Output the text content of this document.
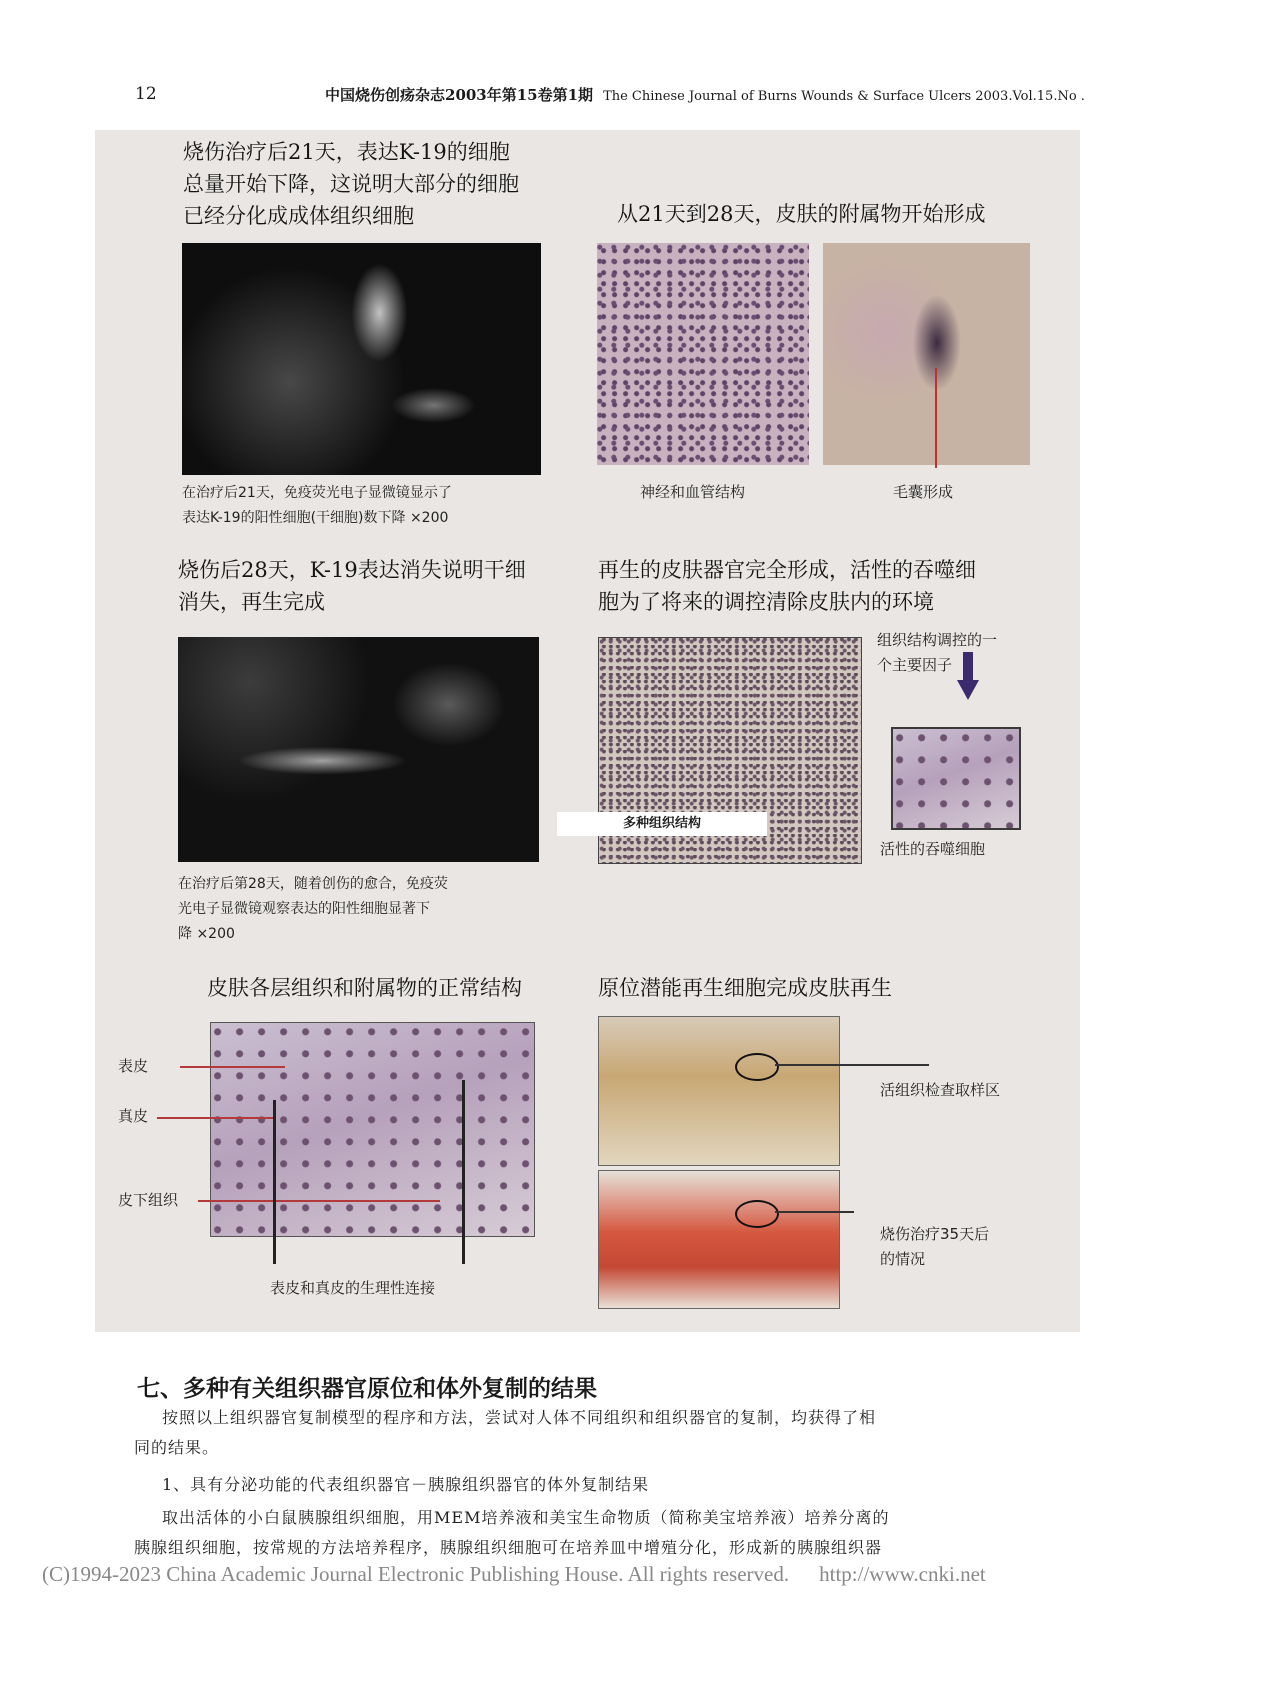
12	中国烧伤创疡杂志2003年第15卷第1期 The Chinese Journal of Burns Wounds & Surface Ulcers 2003.Vol.15.No .
烧伤治疗后21天，表达K-19的细胞
总量开始下降，这说明大部分的细胞
已经分化成成体组织细胞
在治疗后21天，免疫荧光电子显微镜显示了
表达K-19的阳性细胞(干细胞)数下降 ×200
从21天到28天，皮肤的附属物开始形成
神经和血管结构	毛囊形成
烧伤后28天，K-19表达消失说明干细
消失，再生完成
在治疗后第28天，随着创伤的愈合，免疫荧
光电子显微镜观察表达的阳性细胞显著下
降 ×200
再生的皮肤器官完全形成，活性的吞噬细
胞为了将来的调控清除皮肤内的环境
多种组织结构
组织结构调控的一
个主要因子
活性的吞噬细胞
皮肤各层组织和附属物的正常结构
表皮
真皮
皮下组织
表皮和真皮的生理性连接
原位潜能再生细胞完成皮肤再生
活组织检查取样区
烧伤治疗35天后
的情况
七、多种有关组织器官原位和体外复制的结果
按照以上组织器官复制模型的程序和方法，尝试对人体不同组织和组织器官的复制，均获得了相
同的结果。
1、具有分泌功能的代表组织器官－胰腺组织器官的体外复制结果
取出活体的小白鼠胰腺组织细胞，用MEM培养液和美宝生命物质（简称美宝培养液）培养分离的
胰腺组织细胞，按常规的方法培养程序，胰腺组织细胞可在培养皿中增殖分化，形成新的胰腺组织器
(C)1994-2023 China Academic Journal Electronic Publishing House. All rights reserved. http://www.cnki.net
